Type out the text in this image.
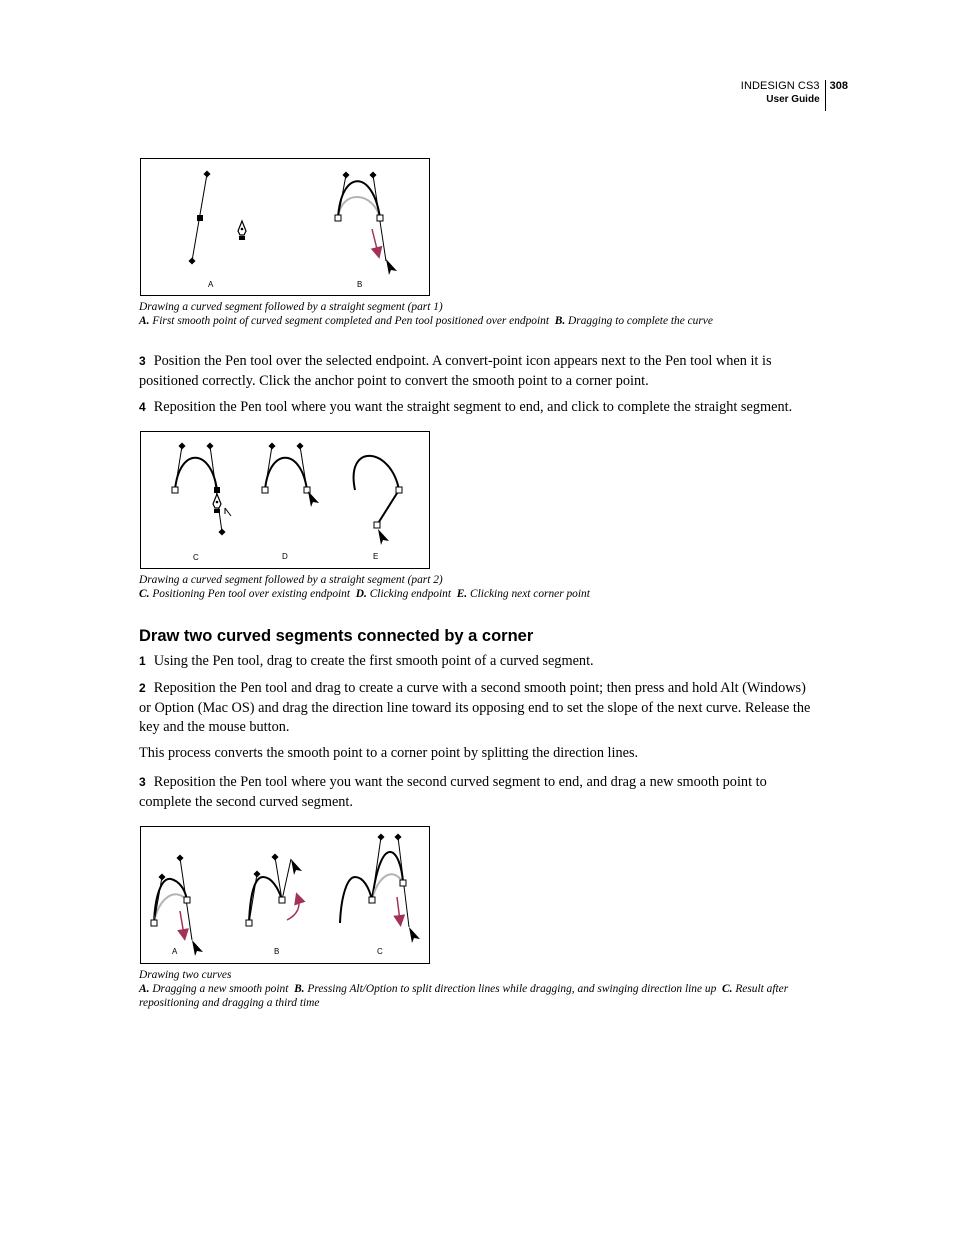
INDESIGN CS3
User Guide
308
A	B
Drawing a curved segment followed by a straight segment (part 1)
A. First smooth point of curved segment completed and Pen tool positioned over endpoint B. Dragging to complete the curve
3 Position the Pen tool over the selected endpoint. A convert-point icon appears next to the Pen tool when it is positioned correctly. Click the anchor point to convert the smooth point to a corner point.
4 Reposition the Pen tool where you want the straight segment to end, and click to complete the straight segment.
C	D	E
Drawing a curved segment followed by a straight segment (part 2)
C. Positioning Pen tool over existing endpoint D. Clicking endpoint E. Clicking next corner point
Draw two curved segments connected by a corner
1 Using the Pen tool, drag to create the first smooth point of a curved segment.
2 Reposition the Pen tool and drag to create a curve with a second smooth point; then press and hold Alt (Windows) or Option (Mac OS) and drag the direction line toward its opposing end to set the slope of the next curve. Release the key and the mouse button.
This process converts the smooth point to a corner point by splitting the direction lines.
3 Reposition the Pen tool where you want the second curved segment to end, and drag a new smooth point to complete the second curved segment.
A	B	C
Drawing two curves
A. Dragging a new smooth point B. Pressing Alt/Option to split direction lines while dragging, and swinging direction line up C. Result after repositioning and dragging a third time
